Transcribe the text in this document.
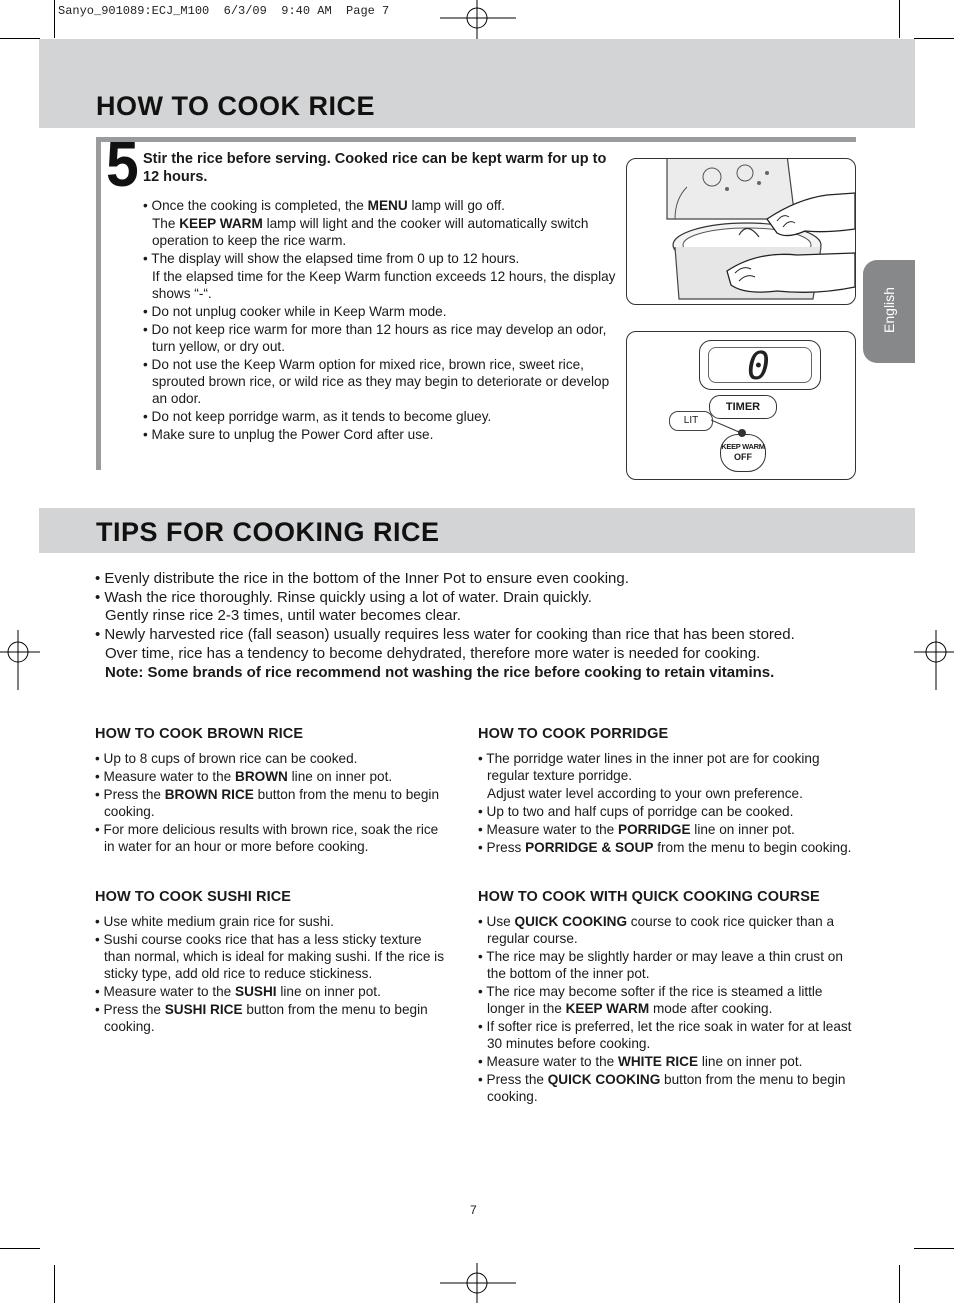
Sanyo_901089:ECJ_M100  6/3/09  9:40 AM  Page 7
HOW TO COOK RICE
English
5 Stir the rice before serving. Cooked rice can be kept warm for up to 12 hours.

• Once the cooking is completed, the MENU lamp will go off.

The KEEP WARM lamp will light and the cooker will automatically switch operation to keep the rice warm.

• The display will show the elapsed time from 0 up to 12 hours.

If the elapsed time for the Keep Warm function exceeds 12 hours, the display shows “-“.

• Do not unplug cooker while in Keep Warm mode.

• Do not keep rice warm for more than 12 hours as rice may develop an odor, turn yellow, or dry out.

• Do not use the Keep Warm option for mixed rice, brown rice, sweet rice, sprouted brown rice, or wild rice as they may begin to deteriorate or develop an odor.

• Do not keep porridge warm, as it tends to become gluey.

• Make sure to unplug the Power Cord after use.

0
TIMER
LIT
KEEP WARM
OFF
TIPS FOR COOKING RICE

• Evenly distribute the rice in the bottom of the Inner Pot to ensure even cooking.

• Wash the rice thoroughly. Rinse quickly using a lot of water. Drain quickly.

Gently rinse rice 2-3 times, until water becomes clear.

• Newly harvested rice (fall season) usually requires less water for cooking than rice that has been stored. Over time, rice has a tendency to become dehydrated, therefore more water is needed for cooking.

Note: Some brands of rice recommend not washing the rice before cooking to retain vitamins.

HOW TO COOK BROWN RICE

• Up to 8 cups of brown rice can be cooked.

• Measure water to the BROWN line on inner pot.

• Press the BROWN RICE button from the menu to begin cooking.

• For more delicious results with brown rice, soak the rice in water for an hour or more before cooking.

HOW TO COOK SUSHI RICE

• Use white medium grain rice for sushi.

• Sushi course cooks rice that has a less sticky texture than normal, which is ideal for making sushi. If the rice is sticky type, add old rice to reduce stickiness.

• Measure water to the SUSHI line on inner pot.

• Press the SUSHI RICE button from the menu to begin cooking.

HOW TO COOK PORRIDGE

• The porridge water lines in the inner pot are for cooking regular texture porridge.

Adjust water level according to your own preference.

• Up to two and half cups of porridge can be cooked.

• Measure water to the PORRIDGE line on inner pot.

• Press PORRIDGE & SOUP from the menu to begin cooking.

HOW TO COOK WITH QUICK COOKING COURSE

• Use QUICK COOKING course to cook rice quicker than a regular course.

• The rice may be slightly harder or may leave a thin crust on the bottom of the inner pot.

• The rice may become softer if the rice is steamed a little longer in the KEEP WARM mode after cooking.

• If softer rice is preferred, let the rice soak in water for at least 30 minutes before cooking.

• Measure water to the WHITE RICE line on inner pot.

• Press the QUICK COOKING button from the menu to begin cooking.

7
